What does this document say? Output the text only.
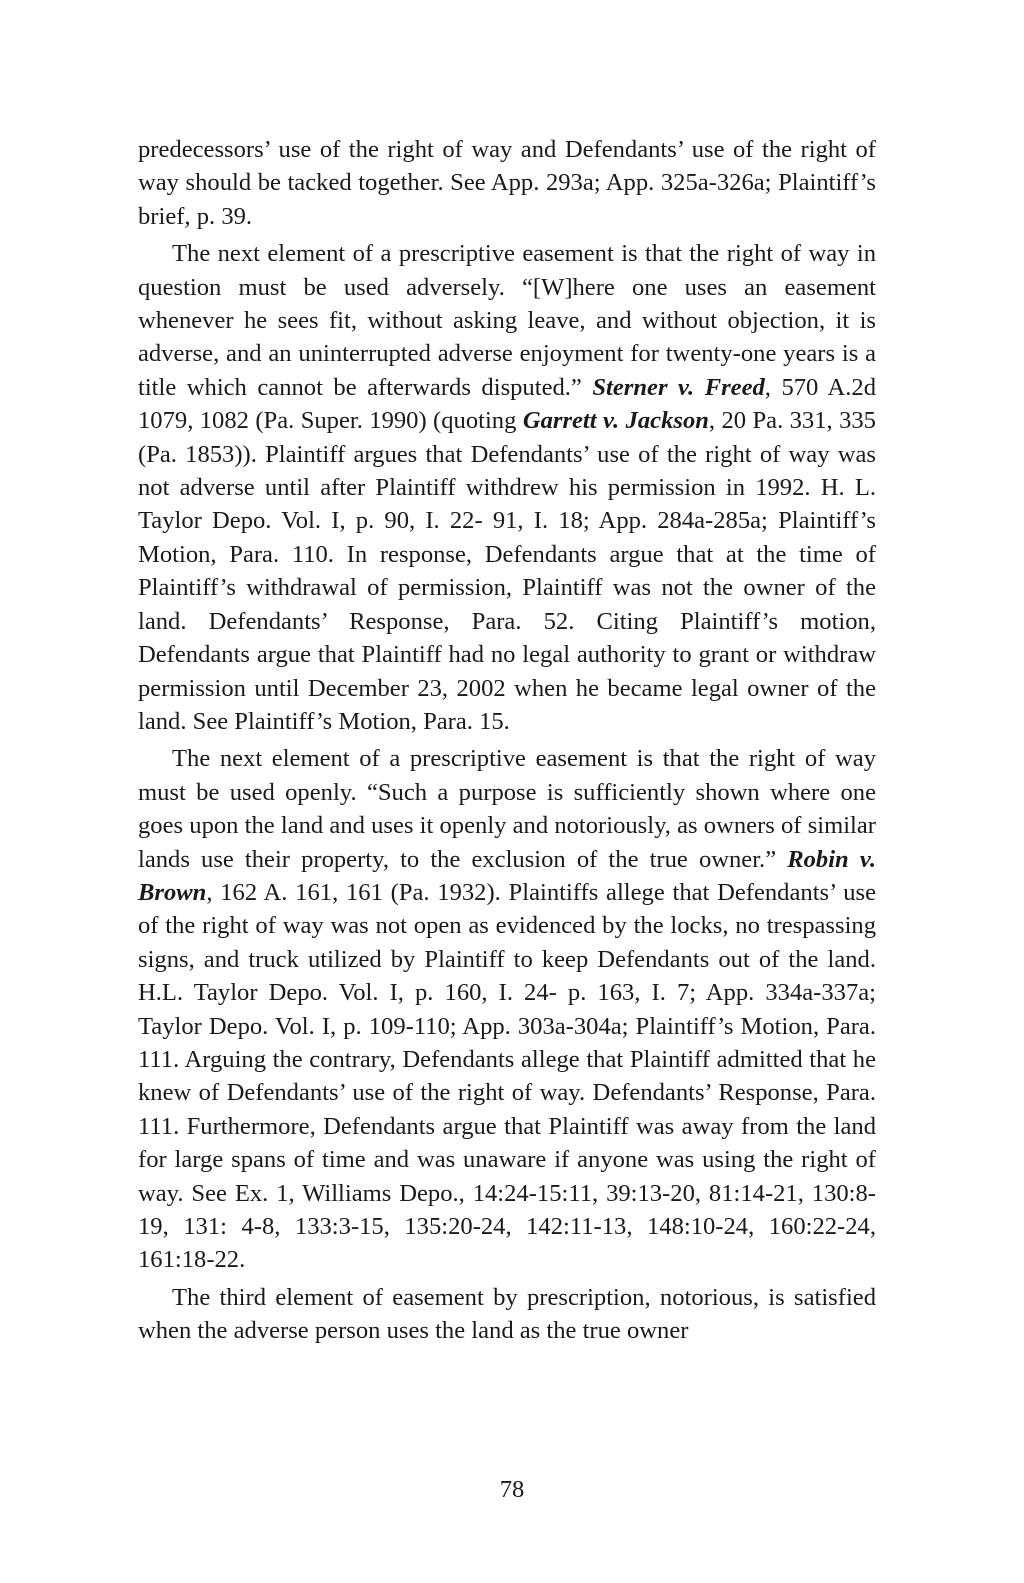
predecessors’ use of the right of way and Defendants’ use of the right of way should be tacked together. See App. 293a; App. 325a-326a; Plaintiff’s brief, p. 39.

The next element of a prescriptive easement is that the right of way in question must be used adversely. “[W]here one uses an easement whenever he sees fit, without asking leave, and without objection, it is adverse, and an uninterrupted adverse enjoyment for twenty-one years is a title which cannot be afterwards disputed.” Sterner v. Freed, 570 A.2d 1079, 1082 (Pa. Super. 1990) (quoting Garrett v. Jackson, 20 Pa. 331, 335 (Pa. 1853)). Plaintiff argues that Defendants’ use of the right of way was not adverse until after Plaintiff withdrew his permission in 1992. H. L. Taylor Depo. Vol. I, p. 90, I. 22- 91, I. 18; App. 284a-285a; Plaintiff’s Motion, Para. 110. In response, Defendants argue that at the time of Plaintiff’s withdrawal of permission, Plaintiff was not the owner of the land. Defendants’ Response, Para. 52. Citing Plaintiff’s motion, Defendants argue that Plaintiff had no legal authority to grant or withdraw permission until December 23, 2002 when he became legal owner of the land. See Plaintiff’s Motion, Para. 15.

The next element of a prescriptive easement is that the right of way must be used openly. “Such a purpose is sufficiently shown where one goes upon the land and uses it openly and notoriously, as owners of similar lands use their property, to the exclusion of the true owner.” Robin v. Brown, 162 A. 161, 161 (Pa. 1932). Plaintiffs allege that Defendants’ use of the right of way was not open as evidenced by the locks, no trespassing signs, and truck utilized by Plaintiff to keep Defendants out of the land. H.L. Taylor Depo. Vol. I, p. 160, I. 24- p. 163, I. 7; App. 334a-337a; Taylor Depo. Vol. I, p. 109-110; App. 303a-304a; Plaintiff’s Motion, Para. 111. Arguing the contrary, Defendants allege that Plaintiff admitted that he knew of Defendants’ use of the right of way. Defendants’ Response, Para. 111. Furthermore, Defendants argue that Plaintiff was away from the land for large spans of time and was unaware if anyone was using the right of way. See Ex. 1, Williams Depo., 14:24-15:11, 39:13-20, 81:14-21, 130:8-19, 131: 4-8, 133:3-15, 135:20-24, 142:11-13, 148:10-24, 160:22-24, 161:18-22.

The third element of easement by prescription, notorious, is satisfied when the adverse person uses the land as the true owner

78
